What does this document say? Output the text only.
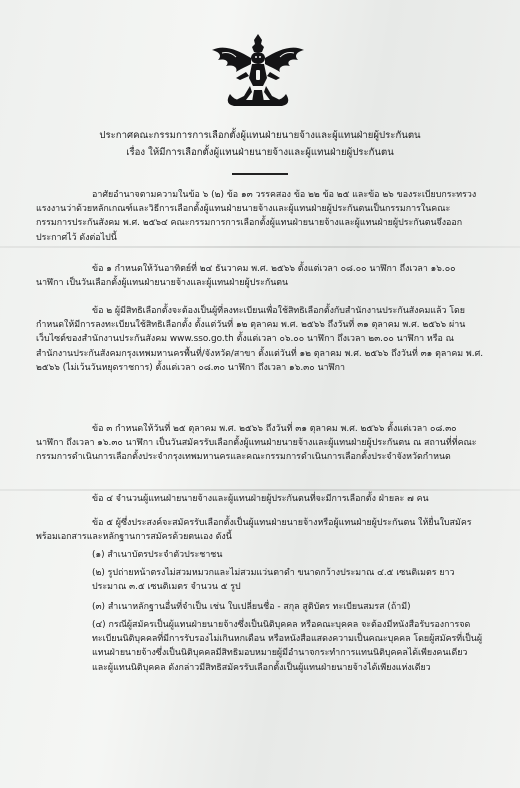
ประกาศคณะกรรมการการเลือกตั้งผู้แทนฝ่ายนายจ้างและผู้แทนฝ่ายผู้ประกันตน
เรื่อง ให้มีการเลือกตั้งผู้แทนฝ่ายนายจ้างและผู้แทนฝ่ายผู้ประกันตน

อาศัยอำนาจตามความในข้อ ๖ (๒) ข้อ ๑๓ วรรคสอง ข้อ ๒๒ ข้อ ๒๕ และข้อ ๒๖ ของระเบียบกระทรวงแรงงานว่าด้วยหลักเกณฑ์และวิธีการเลือกตั้งผู้แทนฝ่ายนายจ้างและผู้แทนฝ่ายผู้ประกันตนเป็นกรรมการในคณะกรรมการประกันสังคม พ.ศ. ๒๕๖๔ คณะกรรมการการเลือกตั้งผู้แทนฝ่ายนายจ้างและผู้แทนฝ่ายผู้ประกันตนจึงออกประกาศไว้ ดังต่อไปนี้

ข้อ ๑ กำหนดให้วันอาทิตย์ที่ ๒๔ ธันวาคม พ.ศ. ๒๕๖๖ ตั้งแต่เวลา ๐๘.๐๐ นาฬิกา ถึงเวลา ๑๖.๐๐ นาฬิกา เป็นวันเลือกตั้งผู้แทนฝ่ายนายจ้างและผู้แทนฝ่ายผู้ประกันตน

ข้อ ๒ ผู้มีสิทธิเลือกตั้งจะต้องเป็นผู้ที่ลงทะเบียนเพื่อใช้สิทธิเลือกตั้งกับสำนักงานประกันสังคมแล้ว โดยกำหนดให้มีการลงทะเบียนใช้สิทธิเลือกตั้ง ตั้งแต่วันที่ ๑๒ ตุลาคม พ.ศ. ๒๕๖๖ ถึงวันที่ ๓๑ ตุลาคม พ.ศ. ๒๕๖๖ ผ่านเว็บไซต์ของสำนักงานประกันสังคม www.sso.go.th ตั้งแต่เวลา ๐๖.๐๐ นาฬิกา ถึงเวลา ๒๓.๐๐ นาฬิกา หรือ ณ สำนักงานประกันสังคมกรุงเทพมหานครพื้นที่/จังหวัด/สาขา ตั้งแต่วันที่ ๑๒ ตุลาคม พ.ศ. ๒๕๖๖ ถึงวันที่ ๓๑ ตุลาคม พ.ศ. ๒๕๖๖ (ไม่เว้นวันหยุดราชการ) ตั้งแต่เวลา ๐๘.๓๐ นาฬิกา ถึงเวลา ๑๖.๓๐ นาฬิกา

ข้อ ๓ กำหนดให้วันที่ ๒๕ ตุลาคม พ.ศ. ๒๕๖๖ ถึงวันที่ ๓๑ ตุลาคม พ.ศ. ๒๕๖๖ ตั้งแต่เวลา ๐๘.๓๐ นาฬิกา ถึงเวลา ๑๖.๓๐ นาฬิกา เป็นวันสมัครรับเลือกตั้งผู้แทนฝ่ายนายจ้างและผู้แทนฝ่ายผู้ประกันตน ณ สถานที่ที่คณะกรรมการดำเนินการเลือกตั้งประจำกรุงเทพมหานครและคณะกรรมการดำเนินการเลือกตั้งประจำจังหวัดกำหนด

ข้อ ๔ จำนวนผู้แทนฝ่ายนายจ้างและผู้แทนฝ่ายผู้ประกันตนที่จะมีการเลือกตั้ง ฝ่ายละ ๗ คน

ข้อ ๕ ผู้ซึ่งประสงค์จะสมัครรับเลือกตั้งเป็นผู้แทนฝ่ายนายจ้างหรือผู้แทนฝ่ายผู้ประกันตน ให้ยื่นใบสมัครพร้อมเอกสารและหลักฐานการสมัครด้วยตนเอง ดังนี้

(๑) สำเนาบัตรประจำตัวประชาชน

(๒) รูปถ่ายหน้าตรงไม่สวมหมวกและไม่สวมแว่นตาดำ ขนาดกว้างประมาณ ๔.๕ เซนติเมตร ยาวประมาณ ๓.๕ เซนติเมตร จำนวน ๕ รูป

(๓) สำเนาหลักฐานอื่นที่จำเป็น เช่น ใบเปลี่ยนชื่อ - สกุล สูติบัตร ทะเบียนสมรส (ถ้ามี)

(๔) กรณีผู้สมัครเป็นผู้แทนฝ่ายนายจ้างซึ่งเป็นนิติบุคคล หรือคณะบุคคล จะต้องมีหนังสือรับรองการจดทะเบียนนิติบุคคลที่มีการรับรองไม่เกินหกเดือน หรือหนังสือแสดงความเป็นคณะบุคคล โดยผู้สมัครที่เป็นผู้แทนฝ่ายนายจ้างซึ่งเป็นนิติบุคคลมีสิทธิมอบหมายผู้มีอำนาจกระทำการแทนนิติบุคคลได้เพียงคนเดียว และผู้แทนนิติบุคคล ดังกล่าวมีสิทธิสมัครรับเลือกตั้งเป็นผู้แทนฝ่ายนายจ้างได้เพียงแห่งเดียว
